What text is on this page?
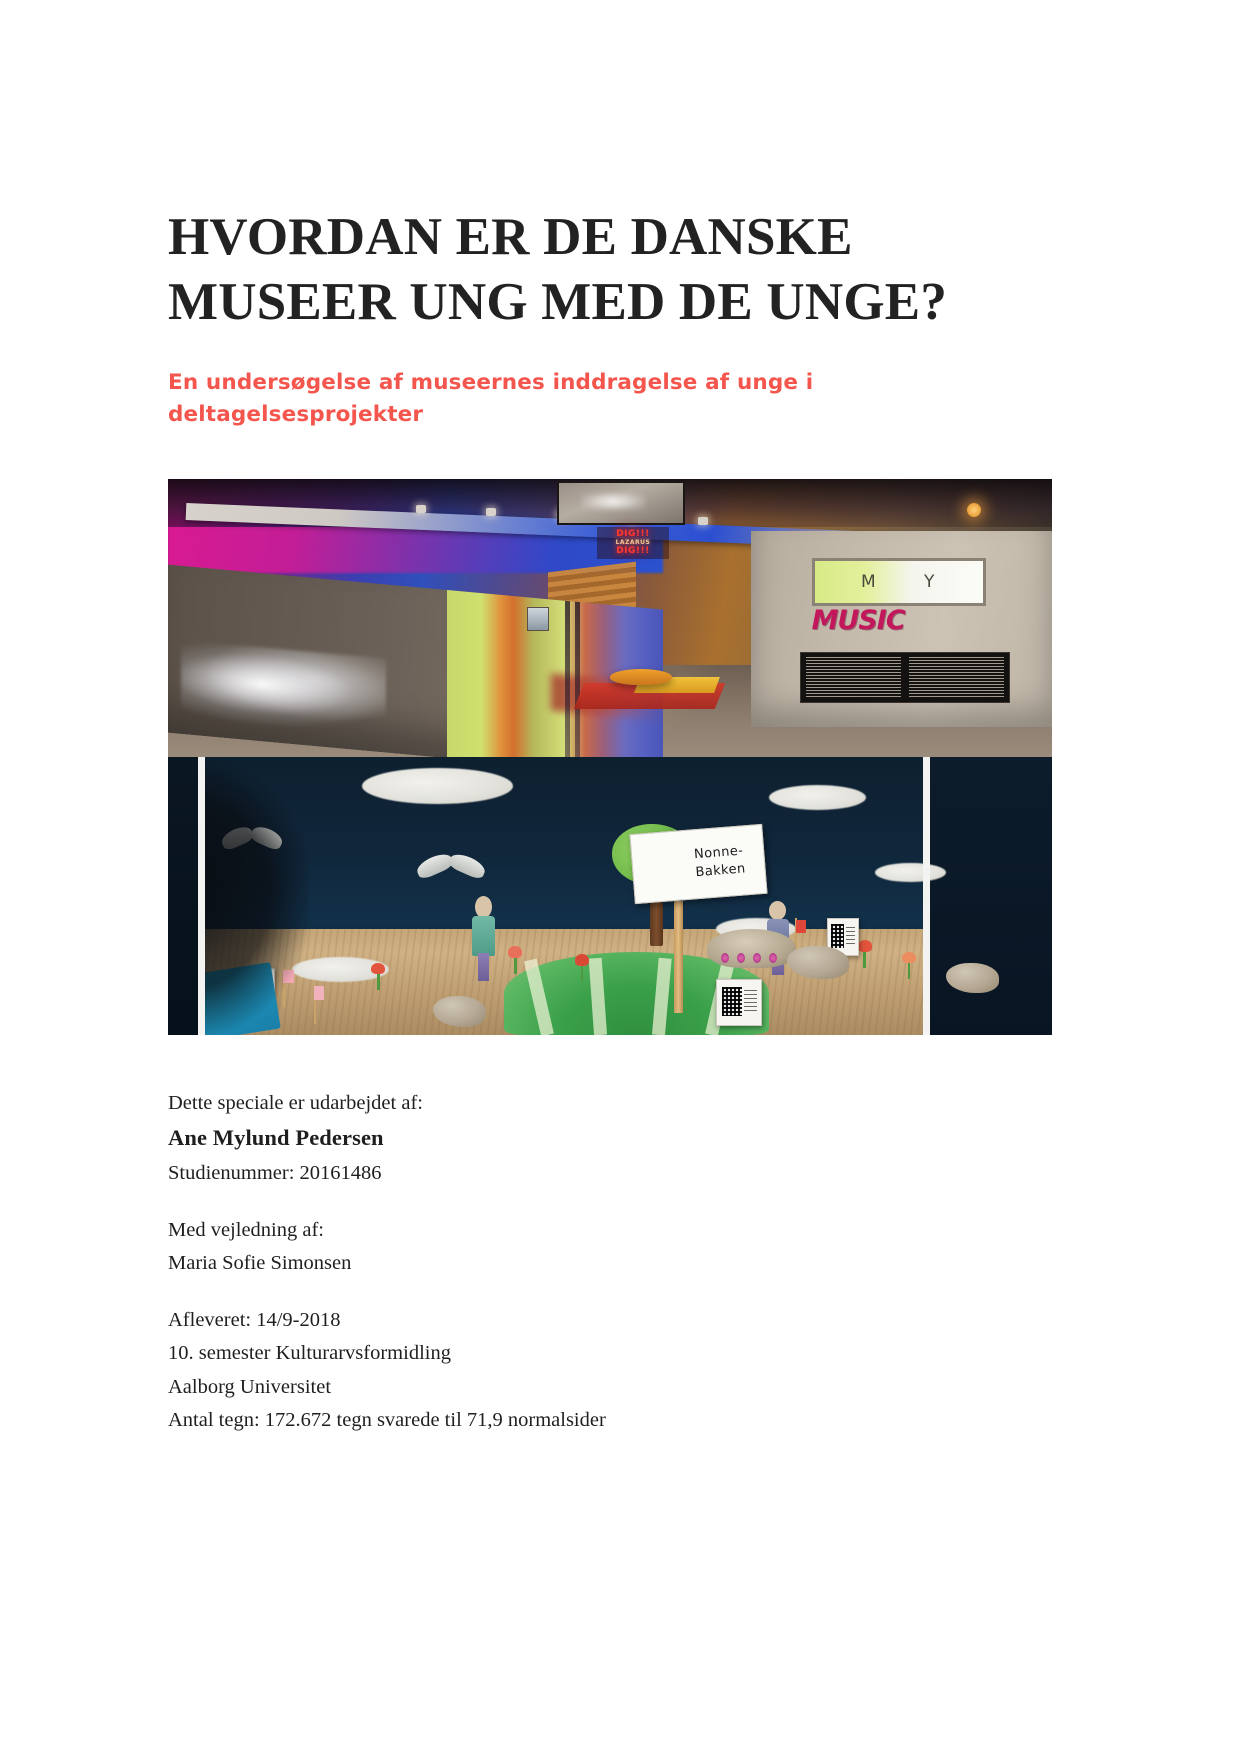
HVORDAN ER DE DANSKE
MUSEER UNG MED DE UNGE?
En undersøgelse af museernes inddragelse af unge i
deltagelsesprojekter
DIG!!!
LAZARUS
DIG!!!
M	Y
MUSIC
Nonne-
Bakken
Dette speciale er udarbejdet af:
Ane Mylund Pedersen
Studienummer: 20161486
Med vejledning af:
Maria Sofie Simonsen
Afleveret: 14/9-2018
10. semester Kulturarvsformidling
Aalborg Universitet
Antal tegn: 172.672 tegn svarede til 71,9 normalsider
